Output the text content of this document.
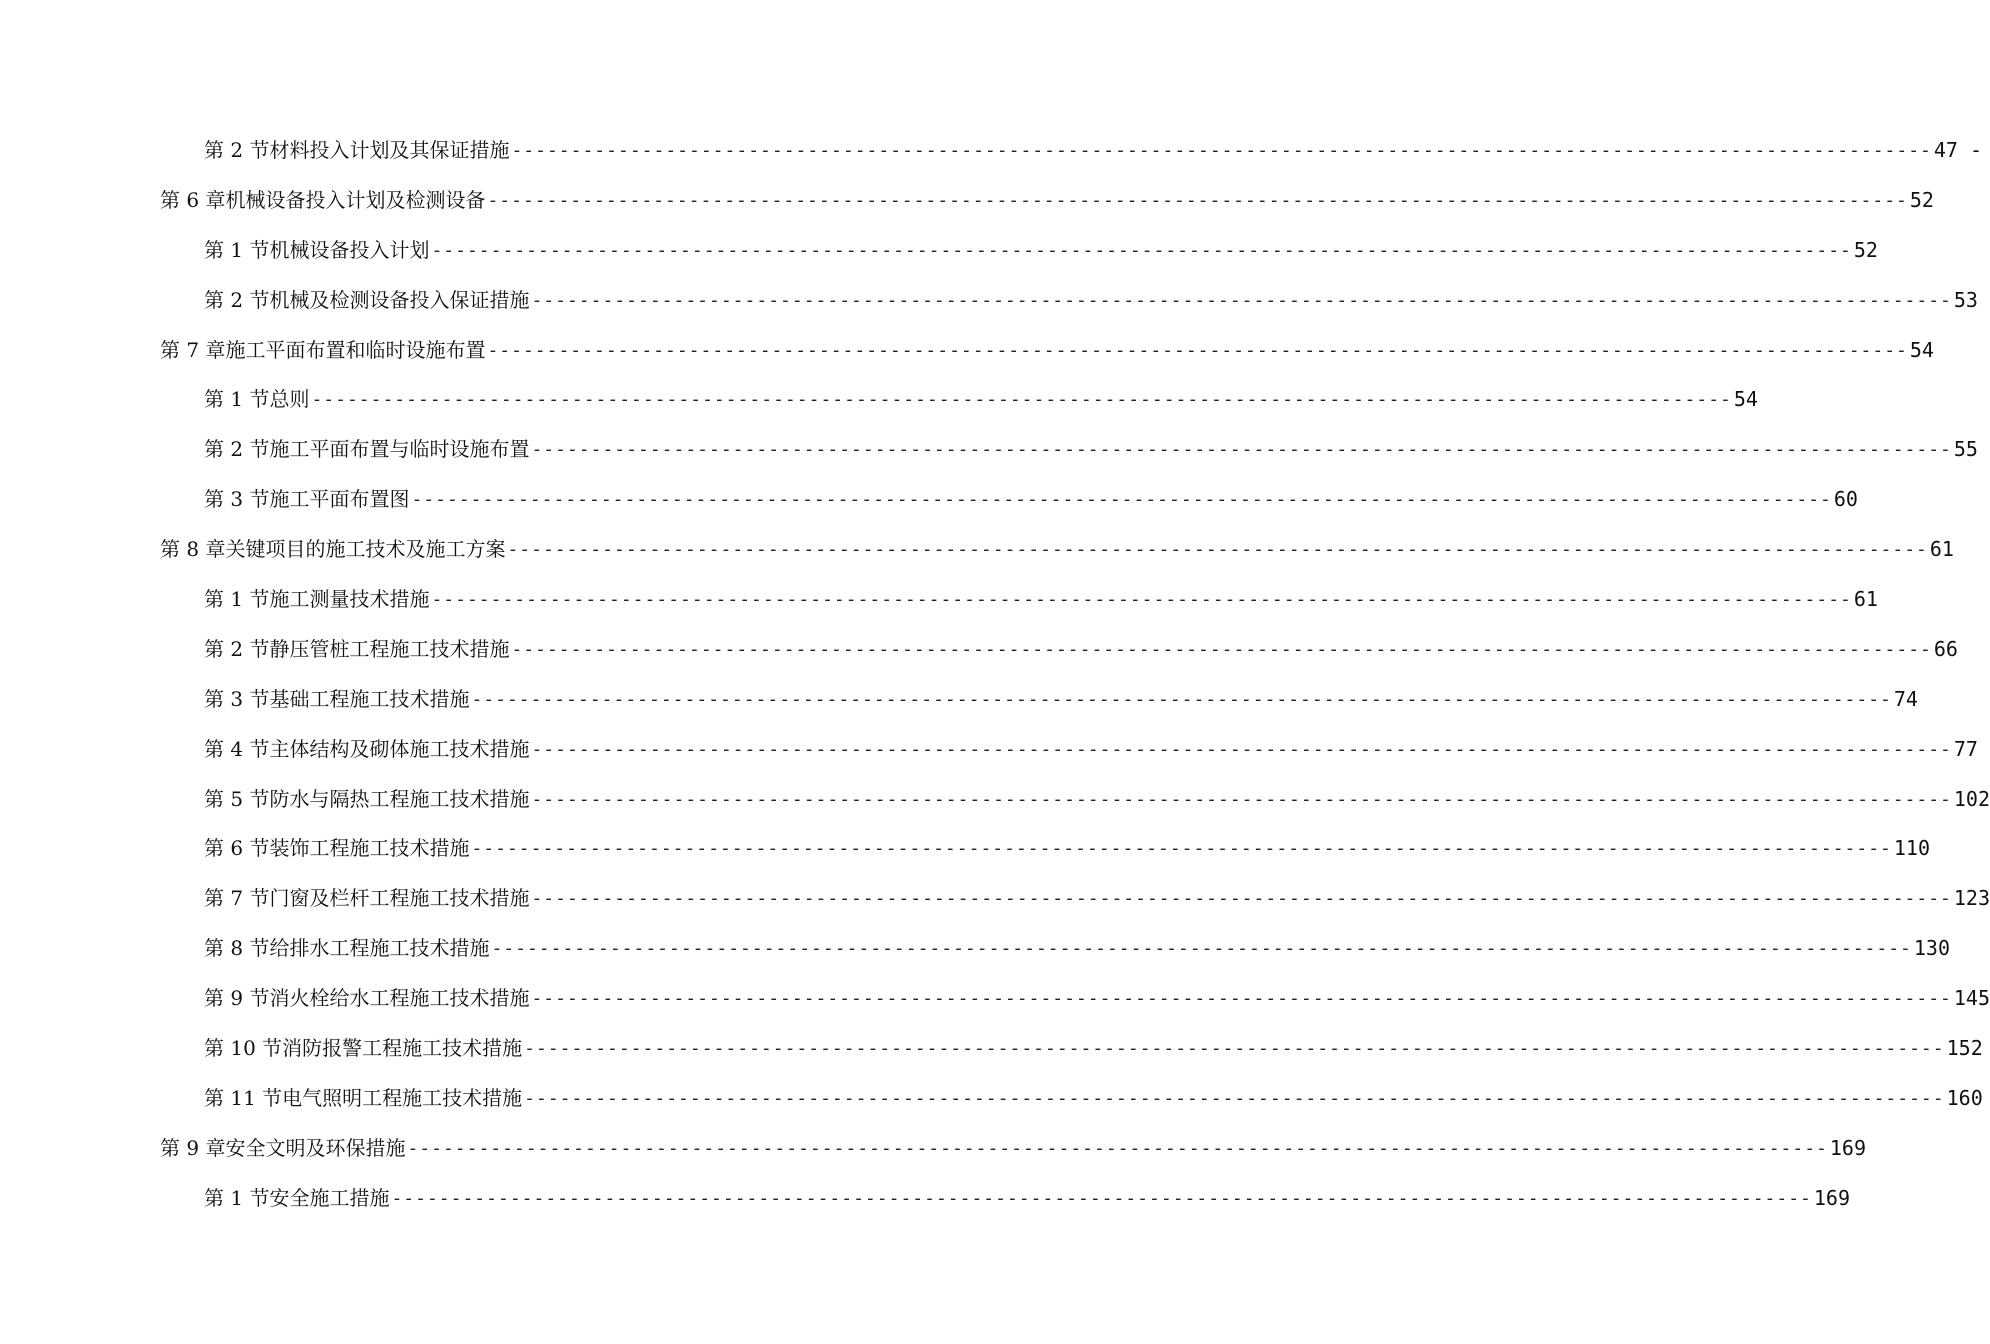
第 2 节 材料投入计划及其保证措施 ------------------------------------------------------------------------------------------------------------------------ 47 -
第 6 章 机械设备投入计划及检测设备 ------------------------------------------------------------------------------------------------------------------------ 52
第 1 节 机械设备投入计划 ------------------------------------------------------------------------------------------------------------------------ 52
第 2 节 机械及检测设备投入保证措施 ------------------------------------------------------------------------------------------------------------------------ 53
第 7 章 施工平面布置和临时设施布置 ------------------------------------------------------------------------------------------------------------------------ 54
第 1 节 总则 ------------------------------------------------------------------------------------------------------------------------ 54
第 2 节 施工平面布置与临时设施布置 ------------------------------------------------------------------------------------------------------------------------ 55
第 3 节 施工平面布置图 ------------------------------------------------------------------------------------------------------------------------ 60
第 8 章 关键项目的施工技术及施工方案 ------------------------------------------------------------------------------------------------------------------------ 61
第 1 节 施工测量技术措施 ------------------------------------------------------------------------------------------------------------------------ 61
第 2 节 静压管桩工程施工技术措施 ------------------------------------------------------------------------------------------------------------------------ 66
第 3 节 基础工程施工技术措施 ------------------------------------------------------------------------------------------------------------------------ 74
第 4 节 主体结构及砌体施工技术措施 ------------------------------------------------------------------------------------------------------------------------ 77
第 5 节 防水与隔热工程施工技术措施 ------------------------------------------------------------------------------------------------------------------------ 102
第 6 节 装饰工程施工技术措施 ------------------------------------------------------------------------------------------------------------------------ 110
第 7 节 门窗及栏杆工程施工技术措施 ------------------------------------------------------------------------------------------------------------------------ 123
第 8 节 给排水工程施工技术措施 ------------------------------------------------------------------------------------------------------------------------ 130
第 9 节 消火栓给水工程施工技术措施 ------------------------------------------------------------------------------------------------------------------------ 145
第 10 节 消防报警工程施工技术措施 ------------------------------------------------------------------------------------------------------------------------ 152
第 11 节 电气照明工程施工技术措施 ------------------------------------------------------------------------------------------------------------------------ 160
第 9 章 安全文明及环保措施 ------------------------------------------------------------------------------------------------------------------------ 169
第 1 节 安全施工措施 ------------------------------------------------------------------------------------------------------------------------ 169
